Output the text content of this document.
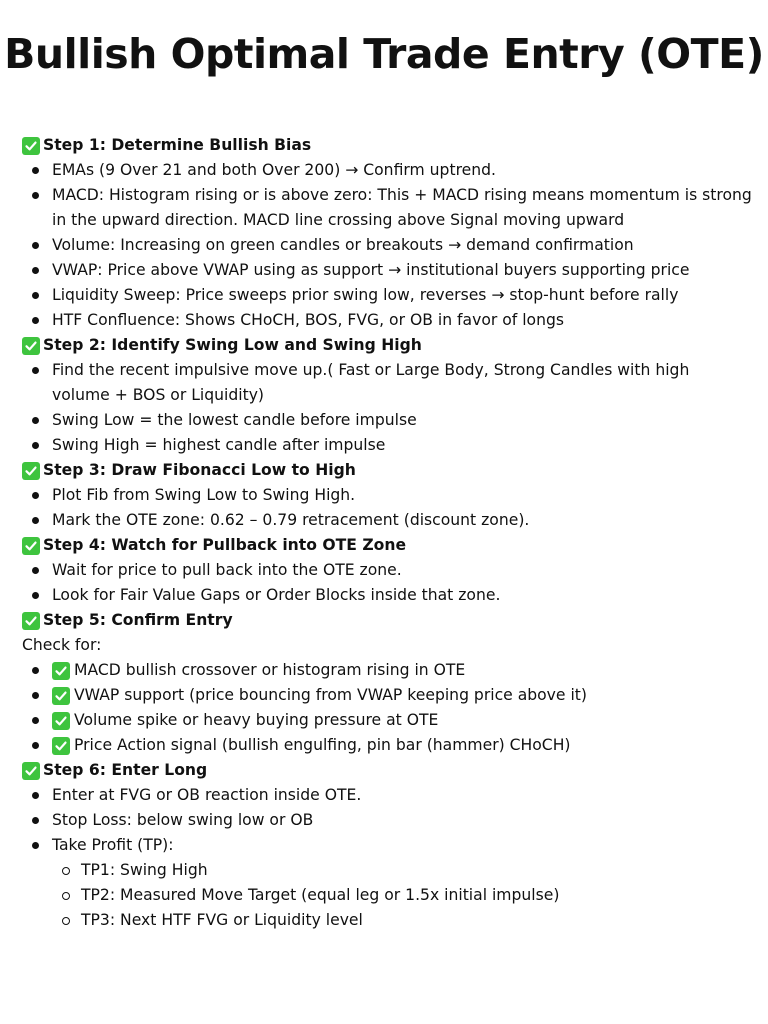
Bullish Optimal Trade Entry (OTE)
Step 1: Determine Bullish Bias
EMAs (9 Over 21 and both Over 200) → Confirm uptrend.
MACD: Histogram rising or is above zero: This + MACD rising means momentum is strong in the upward direction. MACD line crossing above Signal moving upward
Volume: Increasing on green candles or breakouts → demand confirmation
VWAP: Price above VWAP using as support → institutional buyers supporting price
Liquidity Sweep: Price sweeps prior swing low, reverses → stop-hunt before rally
HTF Confluence: Shows CHoCH, BOS, FVG, or OB in favor of longs
Step 2: Identify Swing Low and Swing High
Find the recent impulsive move up.( Fast or Large Body, Strong Candles with high volume + BOS or Liquidity)
Swing Low = the lowest candle before impulse
Swing High = highest candle after impulse
Step 3: Draw Fibonacci Low to High
Plot Fib from Swing Low to Swing High.
Mark the OTE zone: 0.62 – 0.79 retracement (discount zone).
Step 4: Watch for Pullback into OTE Zone
Wait for price to pull back into the OTE zone.
Look for Fair Value Gaps or Order Blocks inside that zone.
Step 5: Confirm Entry

Check for:

MACD bullish crossover or histogram rising in OTE
VWAP support (price bouncing from VWAP keeping price above it)
Volume spike or heavy buying pressure at OTE
Price Action signal (bullish engulfing, pin bar (hammer) CHoCH)
Step 6: Enter Long
Enter at FVG or OB reaction inside OTE.
Stop Loss: below swing low or OB
Take Profit (TP):
TP1: Swing High
TP2: Measured Move Target (equal leg or 1.5x initial impulse)
TP3: Next HTF FVG or Liquidity level
